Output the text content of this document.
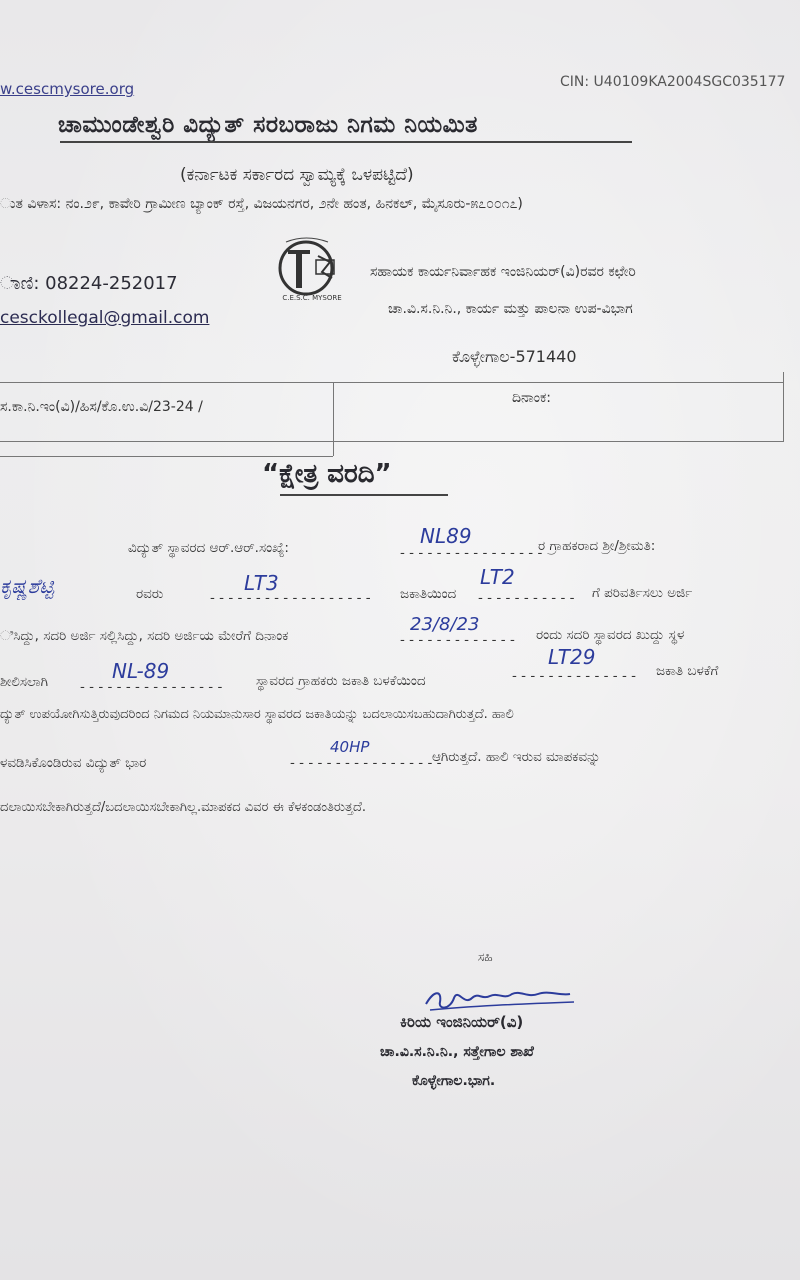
w.cescmysore.org	CIN: U40109KA2004SGC035177
ಚಾಮುಂಡೇಶ್ವರಿ ವಿದ್ಯುತ್ ಸರಬರಾಜು ನಿಗಮ ನಿಯಮಿತ
(ಕರ್ನಾಟಕ ಸರ್ಕಾರದ ಸ್ವಾಮ್ಯಕ್ಕೆ ಒಳಪಟ್ಟಿದೆ)
ುತ ವಿಳಾಸ: ನಂ.೨೯, ಕಾವೇರಿ ಗ್ರಾಮೀಣ ಬ್ಯಾಂಕ್ ರಸ್ತೆ, ವಿಜಯನಗರ, ೨ನೇ ಹಂತ, ಹಿನಕಲ್, ಮೈಸೂರು-೫೭೦೦೧೭)
ಾಣಿ: 08224-252017
cesckollegal@gmail.com
C.E.S.C. MYSORE
ಸಹಾಯಕ ಕಾರ್ಯನಿರ್ವಾಹಕ ಇಂಜಿನಿಯರ್(ವಿ)ರವರ ಕಛೇರಿ
ಚಾ.ವಿ.ಸ.ನಿ.ನಿ., ಕಾರ್ಯ ಮತ್ತು ಪಾಲನಾ ಉಪ-ವಿಭಾಗ
ಕೊಳ್ಳೇಗಾಲ-571440
ಸ.ಕಾ.ನಿ.ಇಂ(ವಿ)/ಹಿಸ/ಕೊ.ಉ.ವಿ/23-24 /
ದಿನಾಂಕ:
“ಕ್ಷೇತ್ರ ವರದಿ”
ವಿದ್ಯುತ್ ಸ್ಥಾವರದ ಆರ್.ಆರ್.ಸಂಖ್ಯೆ:	NL89
- - - - - - - - - - - - - - - -
ರ ಗ್ರಾಹಕರಾದ ಶ್ರೀ/ಶ್ರೀಮತಿ:
ಕೃಷ್ಣಶೆಟ್ಟಿ	ರವರು	LT3
- - - - - - - - - - - - - - - - - - ಜಕಾತಿಯಿಂದ
LT2
- - - - - - - - - - - ಗೆ ಪರಿವರ್ತಿಸಲು ಅರ್ಜಿ
ಿಸಿದ್ದು, ಸದರಿ ಅರ್ಜಿ ಸಲ್ಲಿಸಿದ್ದು, ಸದರಿ ಅರ್ಜಿಯ ಮೇರೆಗೆ ದಿನಾಂಕ
23/8/23
- - - - - - - - - - - - - ರಂದು ಸದರಿ ಸ್ಥಾವರದ ಖುದ್ದು ಸ್ಥಳ
ಶೀಲಿಸಲಾಗಿ	NL-89
- - - - - - - - - - - - - - - - ಸ್ಥಾವರದ ಗ್ರಾಹಕರು ಜಕಾತಿ ಬಳಕೆಯಿಂದ
LT29
- - - - - - - - - - - - - - ಜಕಾತಿ ಬಳಕೆಗೆ
ದ್ಯುತ್ ಉಪಯೋಗಿಸುತ್ತಿರುವುದರಿಂದ ನಿಗಮದ ನಿಯಮಾನುಸಾರ ಸ್ಥಾವರದ ಜಕಾತಿಯನ್ನು ಬದಲಾಯಿಸಬಹುದಾಗಿರುತ್ತದೆ. ಹಾಲಿ
ಳವಡಿಸಿಕೊಂಡಿರುವ ವಿದ್ಯುತ್ ಭಾರ
40HP
- - - - - - - - - - - - - - - - -
ಆಗಿರುತ್ತದೆ. ಹಾಲಿ ಇರುವ ಮಾಪಕವನ್ನು
ದಲಾಯಿಸಬೇಕಾಗಿರುತ್ತದೆ/ಬದಲಾಯಿಸಬೇಕಾಗಿಲ್ಲ.ಮಾಪಕದ ವಿವರ ಈ ಕೆಳಕಂಡಂತಿರುತ್ತದೆ.
ಸಹಿ
ಕಿರಿಯ ಇಂಜಿನಿಯರ್(ವಿ)
ಚಾ.ವಿ.ಸ.ನಿ.ನಿ., ಸತ್ತೇಗಾಲ ಶಾಖೆ
ಕೊಳ್ಳೇಗಾಲ.ಭಾಗ.
